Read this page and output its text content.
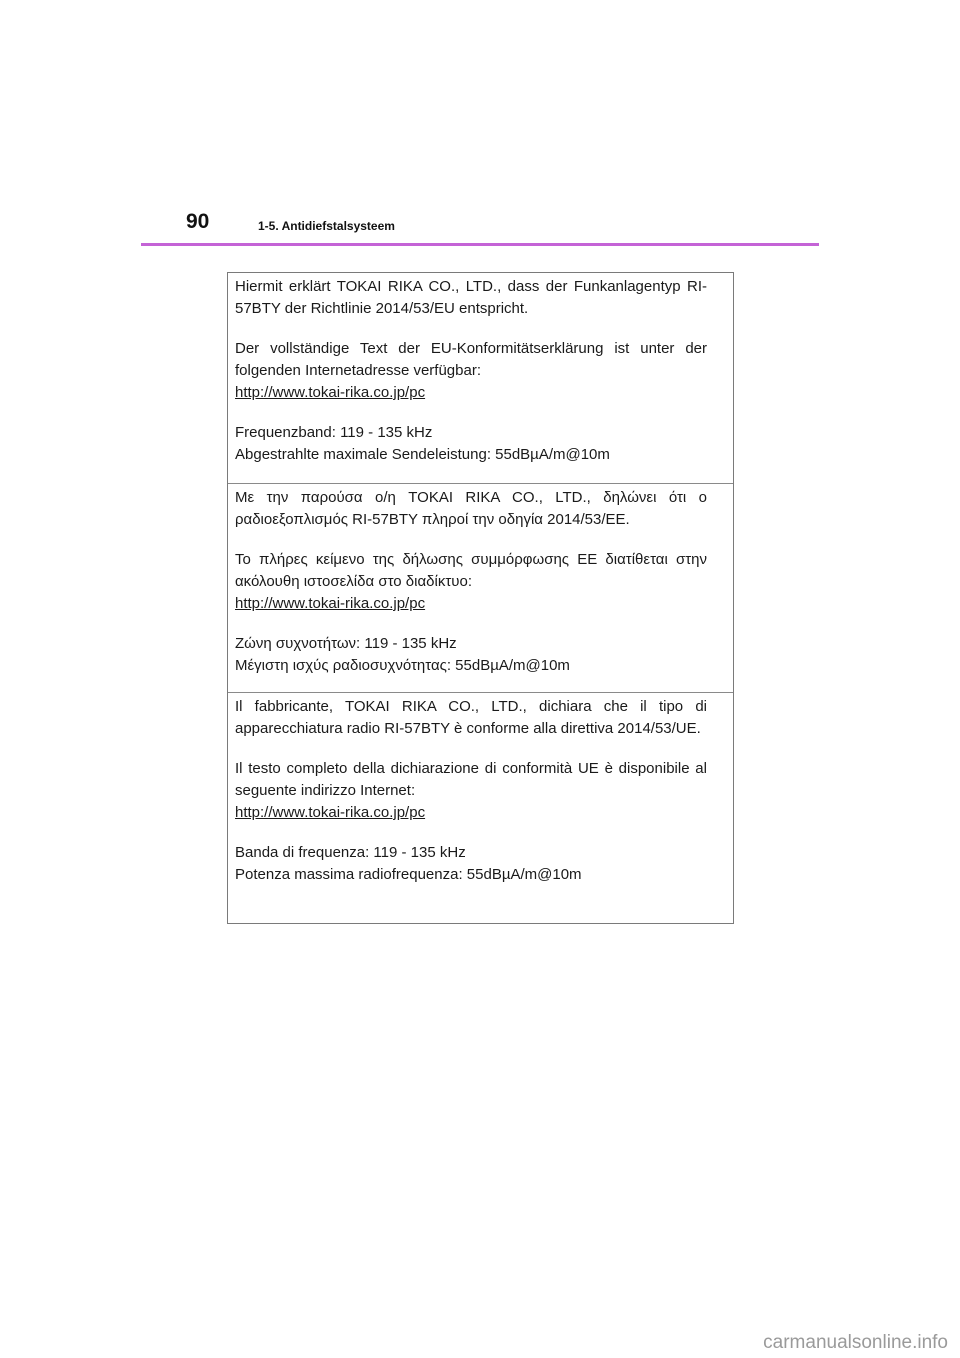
90	1-5. Antidiefstalsysteem

Hiermit erklärt TOKAI RIKA CO., LTD., dass der Funkanlagentyp RI-57BTY der Richtlinie 2014/53/EU entspricht.

Der vollständige Text der EU-Konformitätserklärung ist unter der folgenden Internetadresse verfügbar:

http://www.tokai-rika.co.jp/pc

Frequenzband: 119 - 135 kHz

Abgestrahlte maximale Sendeleistung: 55dBµA/m@10m

Με την παρούσα ο/η TOKAI RIKA CO., LTD., δηλώνει ότι ο ραδιοεξοπλισμός RI-57BTY πληροί την οδηγία 2014/53/ΕΕ.

Το πλήρες κείμενο της δήλωσης συμμόρφωσης ΕΕ διατίθεται στην ακόλουθη ιστοσελίδα στο διαδίκτυο:

http://www.tokai-rika.co.jp/pc

Ζώνη συχνοτήτων: 119 - 135 kHz

Μέγιστη ισχύς ραδιοσυχνότητας: 55dBµA/m@10m

Il fabbricante, TOKAI RIKA CO., LTD., dichiara che il tipo di apparecchiatura radio RI-57BTY è conforme alla direttiva 2014/53/UE.

Il testo completo della dichiarazione di conformità UE è disponibile al seguente indirizzo Internet:

http://www.tokai-rika.co.jp/pc

Banda di frequenza: 119 - 135 kHz

Potenza massima radiofrequenza: 55dBµA/m@10m

carmanualsonline.info
